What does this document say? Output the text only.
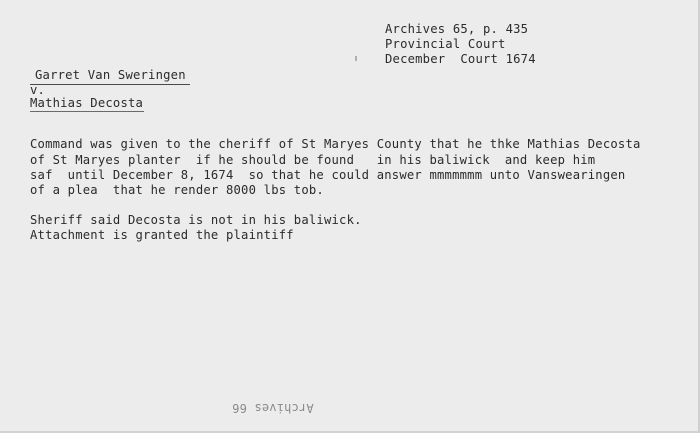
Archives 65, p. 435
Provincial Court
December  Court 1674
Garret Van Sweringen
v.
Mathias Decosta
Command was given to the cheriff of St Maryes County that he thke Mathias Decosta
of St Maryes planter  if he should be found   in his baliwick  and keep him
saf  until December 8, 1674  so that he could answer mmmmmmm unto Vanswearingen
of a plea  that he render 8000 lbs tob.
Sheriff said Decosta is not in his baliwick.
Attachment is granted the plaintiff
Archives 66
